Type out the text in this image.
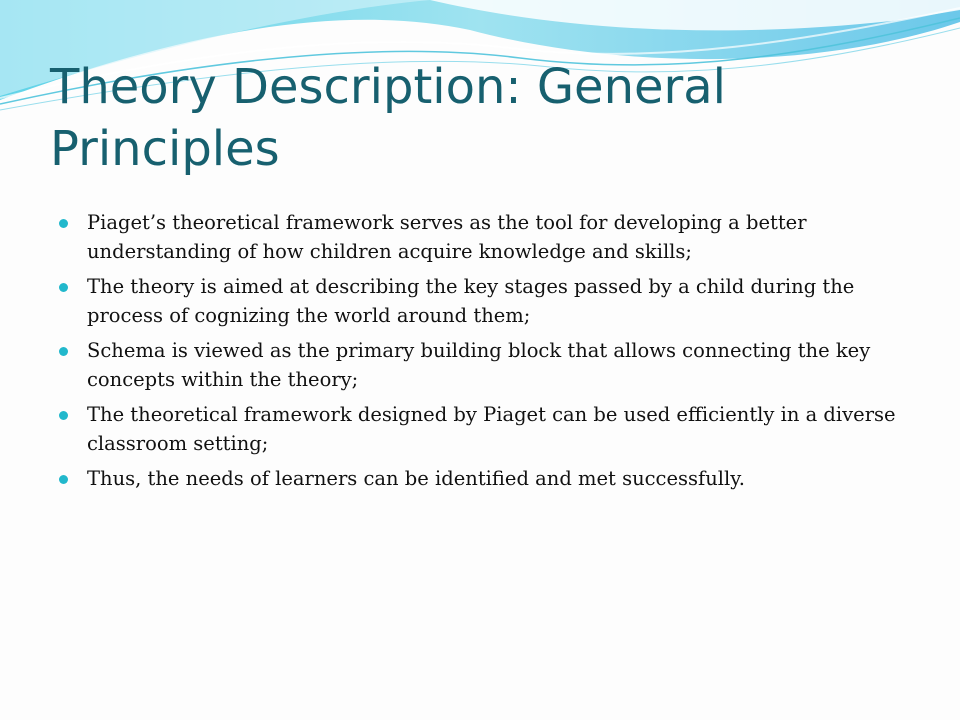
Theory Description: General Principles
Piaget’s theoretical framework serves as the tool for developing a better understanding of how children acquire knowledge and skills;
The theory is aimed at describing the key stages passed by a child during the process of cognizing the world around them;
Schema is viewed as the primary building block that allows connecting the key concepts within the theory;
The theoretical framework designed by Piaget can be used efficiently in a diverse classroom setting;
Thus, the needs of learners can be identified and met successfully.
